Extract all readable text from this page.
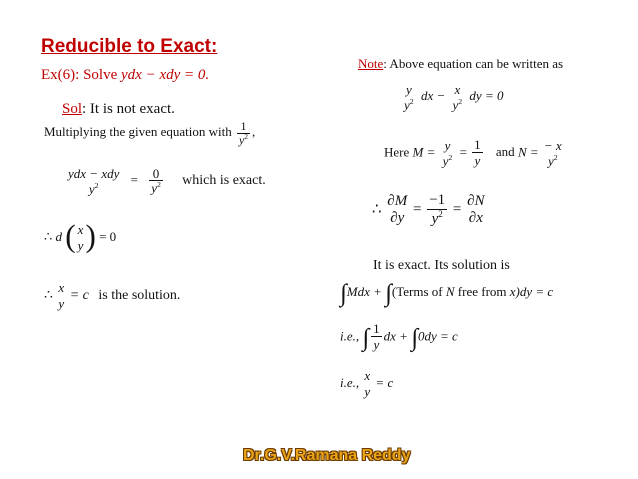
Reducible to Exact:
Ex(6): Solve ydx − xdy = 0.
Sol: It is not exact.
Multiplying the given equation with $\frac{1}{y^2}$ ,
ydx − xdy
$y^2$	= $\frac{0}{y^2}$ which is exact.
∴ d ( x
y ) = 0
∴
x
y
= c is the solution.
Note: Above equation can be written as
y
$y^2$ dx − x
$y^2$ dy = 0
Here M = y
$y^2 = \frac{1}{y}$ and N = − x
$y^2$
∴
∂M
∂y
= $\frac{-1}{y^2}$ =
∂N
∂x
It is exact. Its solution is
∫Mdx + ∫(Terms of N free from x)dy = c
i.e., ∫ $\frac{1}{y}$ dx + ∫0dy = c
i.e., x
y
= c
Dr.G.V.Ramana Reddy
